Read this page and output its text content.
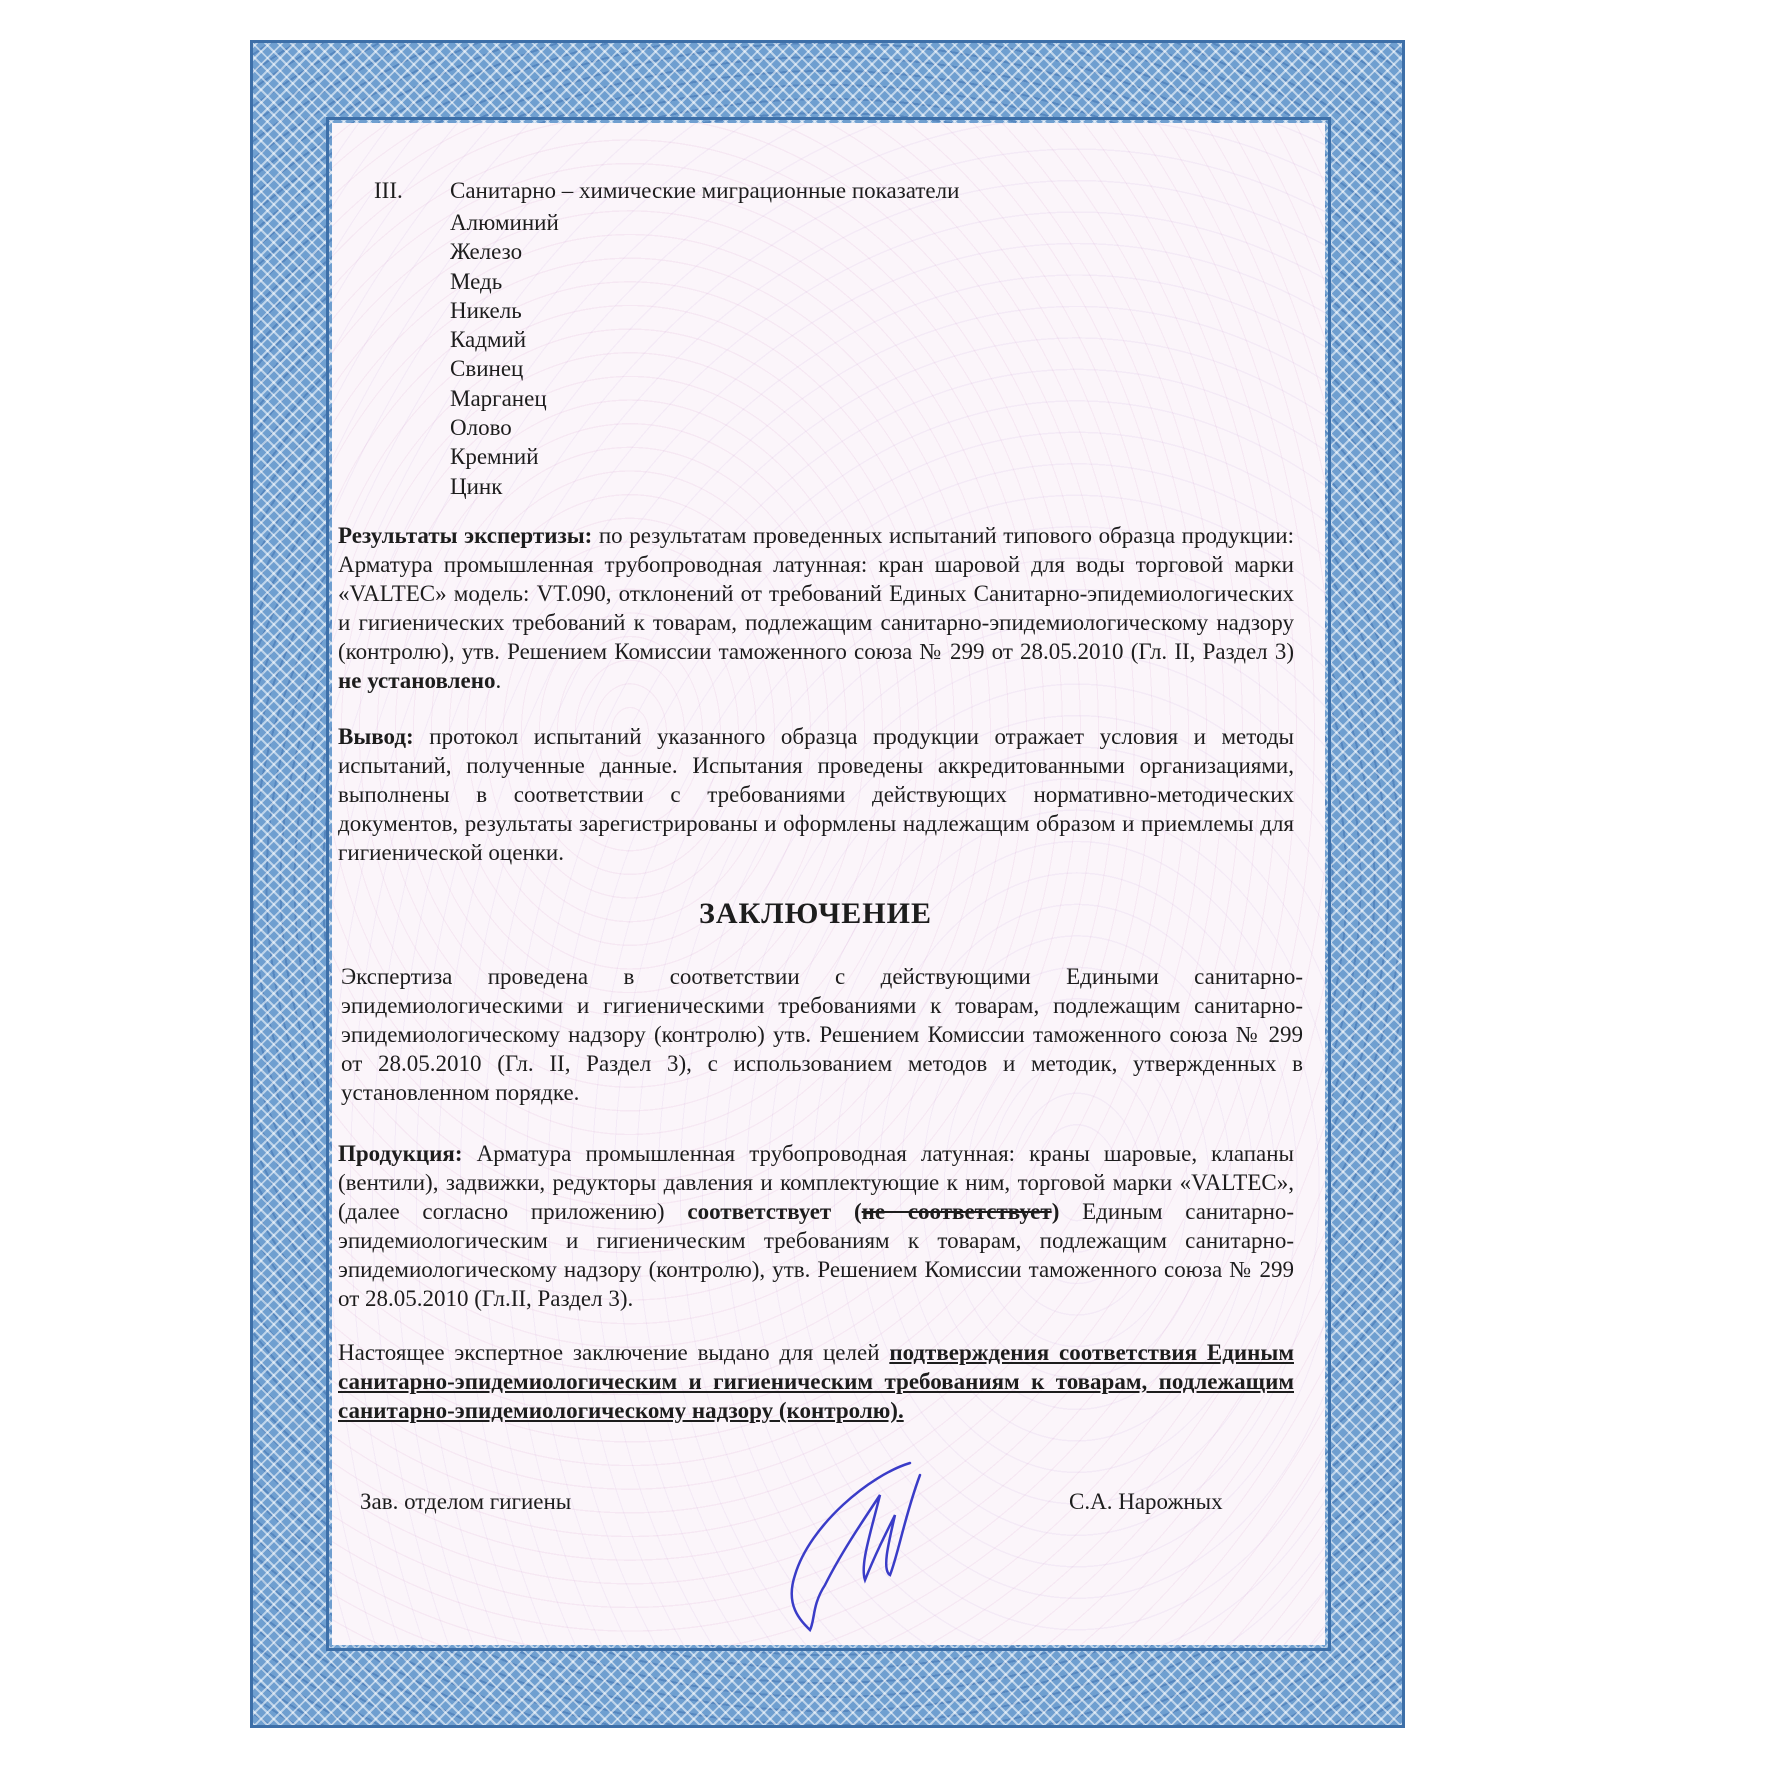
III. Санитарно – химические миграционные показатели
Алюминий
Железо
Медь
Никель
Кадмий
Свинец
Марганец
Олово
Кремний
Цинк

Результаты экспертизы: по результатам проведенных испытаний типового образца продукции: Арматура промышленная трубопроводная латунная: кран шаровой для воды торговой марки «VALTEC» модель: VT.090, отклонений от требований Единых Санитарно-эпидемиологических и гигиенических требований к товарам, подлежащим санитарно-эпидемиологическому надзору (контролю), утв. Решением Комиссии таможенного союза № 299 от 28.05.2010 (Гл. II, Раздел 3) не установлено.

Вывод: протокол испытаний указанного образца продукции отражает условия и методы испытаний, полученные данные. Испытания проведены аккредитованными организациями, выполнены в соответствии с требованиями действующих нормативно-методических документов, результаты зарегистрированы и оформлены надлежащим образом и приемлемы для гигиенической оценки.

ЗАКЛЮЧЕНИЕ

Экспертиза проведена в соответствии с действующими Едиными санитарно-эпидемиологическими и гигиеническими требованиями к товарам, подлежащим санитарно-эпидемиологическому надзору (контролю) утв. Решением Комиссии таможенного союза № 299 от 28.05.2010 (Гл. II, Раздел 3), с использованием методов и методик, утвержденных в установленном порядке.

Продукция: Арматура промышленная трубопроводная латунная: краны шаровые, клапаны (вентили), задвижки, редукторы давления и комплектующие к ним, торговой марки «VALTEC», (далее согласно приложению) соответствует (не соответствует) Единым санитарно-эпидемиологическим и гигиеническим требованиям к товарам, подлежащим санитарно-эпидемиологическому надзору (контролю), утв. Решением Комиссии таможенного союза № 299 от 28.05.2010 (Гл.II, Раздел 3).

Настоящее экспертное заключение выдано для целей подтверждения соответствия Единым санитарно-эпидемиологическим и гигиеническим требованиям к товарам, подлежащим санитарно-эпидемиологическому надзору (контролю).

Зав. отделом гигиены	С.А. Нарожных
